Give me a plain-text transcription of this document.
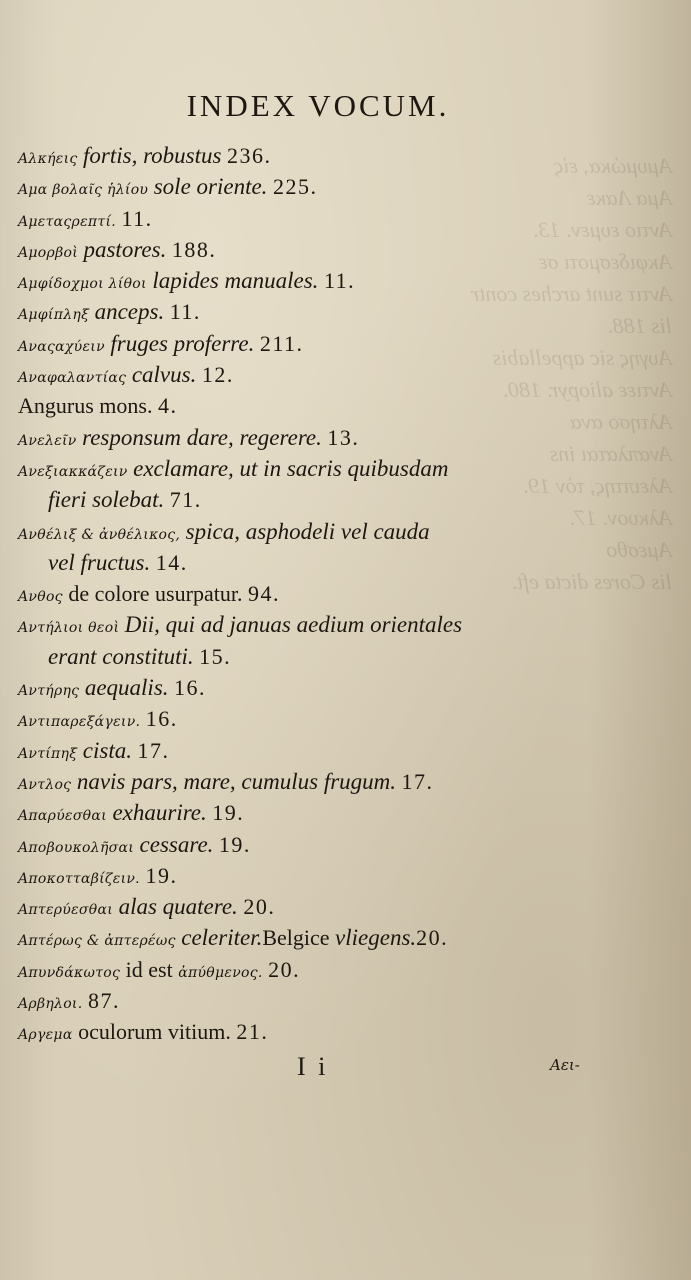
Αμυμώκα, εἰς
Αμα Λακε
Αντιο ευμεν. 13.
Ακφιδεσμοτι σε
Αντιτ sunt arches contr
lis 188.
Αυγης sic appellabis
Αντιεε aliopyr. 180.
Αλτησο ανα
Αναπλαται ins
Αλειπτης, τὸν 19.
Αλκυον. 17.
Αμεσθο
lis Cores dicta eft.
INDEX VOCUM.
Αλκήεις fortis, robustus 236.
Αμα βολαῖς ἡλίου sole oriente. 225.
Αμεταςρεπτί. 11.
Αμορβοὶ pastores. 188.
Αμφίδοχμοι λίθοι lapides manuales. 11.
Αμφίπληξ anceps. 11.
Αναςαχύειν fruges proferre. 211.
Αναφαλαντίας calvus. 12.
Angurus mons. 4.
Ανελεῖν responsum dare, regerere. 13.
Ανεξιακκάζειν exclamare, ut in sacris quibusdam
fieri solebat. 71.
Ανθέλιξ & ἀνθέλικος, spica, asphodeli vel cauda
vel fructus. 14.
Ανθος de colore usurpatur. 94.
Αντήλιοι θεοὶ Dii, qui ad januas aedium orientales
erant constituti. 15.
Αντήρης aequalis. 16.
Αντιπαρεξάγειν. 16.
Αντίπηξ cista. 17.
Αντλος navis pars, mare, cumulus frugum. 17.
Απαρύεσθαι exhaurire. 19.
Αποβουκολῆσαι cessare. 19.
Αποκοτταβίζειν. 19.
Απτερύεσθαι alas quatere. 20.
Απτέρως & ἀπτερέως celeriter.Belgice vliegens.20.
Απυνδάκωτος id est ἀπύθμενος. 20.
Αρβηλοι. 87.
Αργεμα oculorum vitium. 21.
I i	Αει-
